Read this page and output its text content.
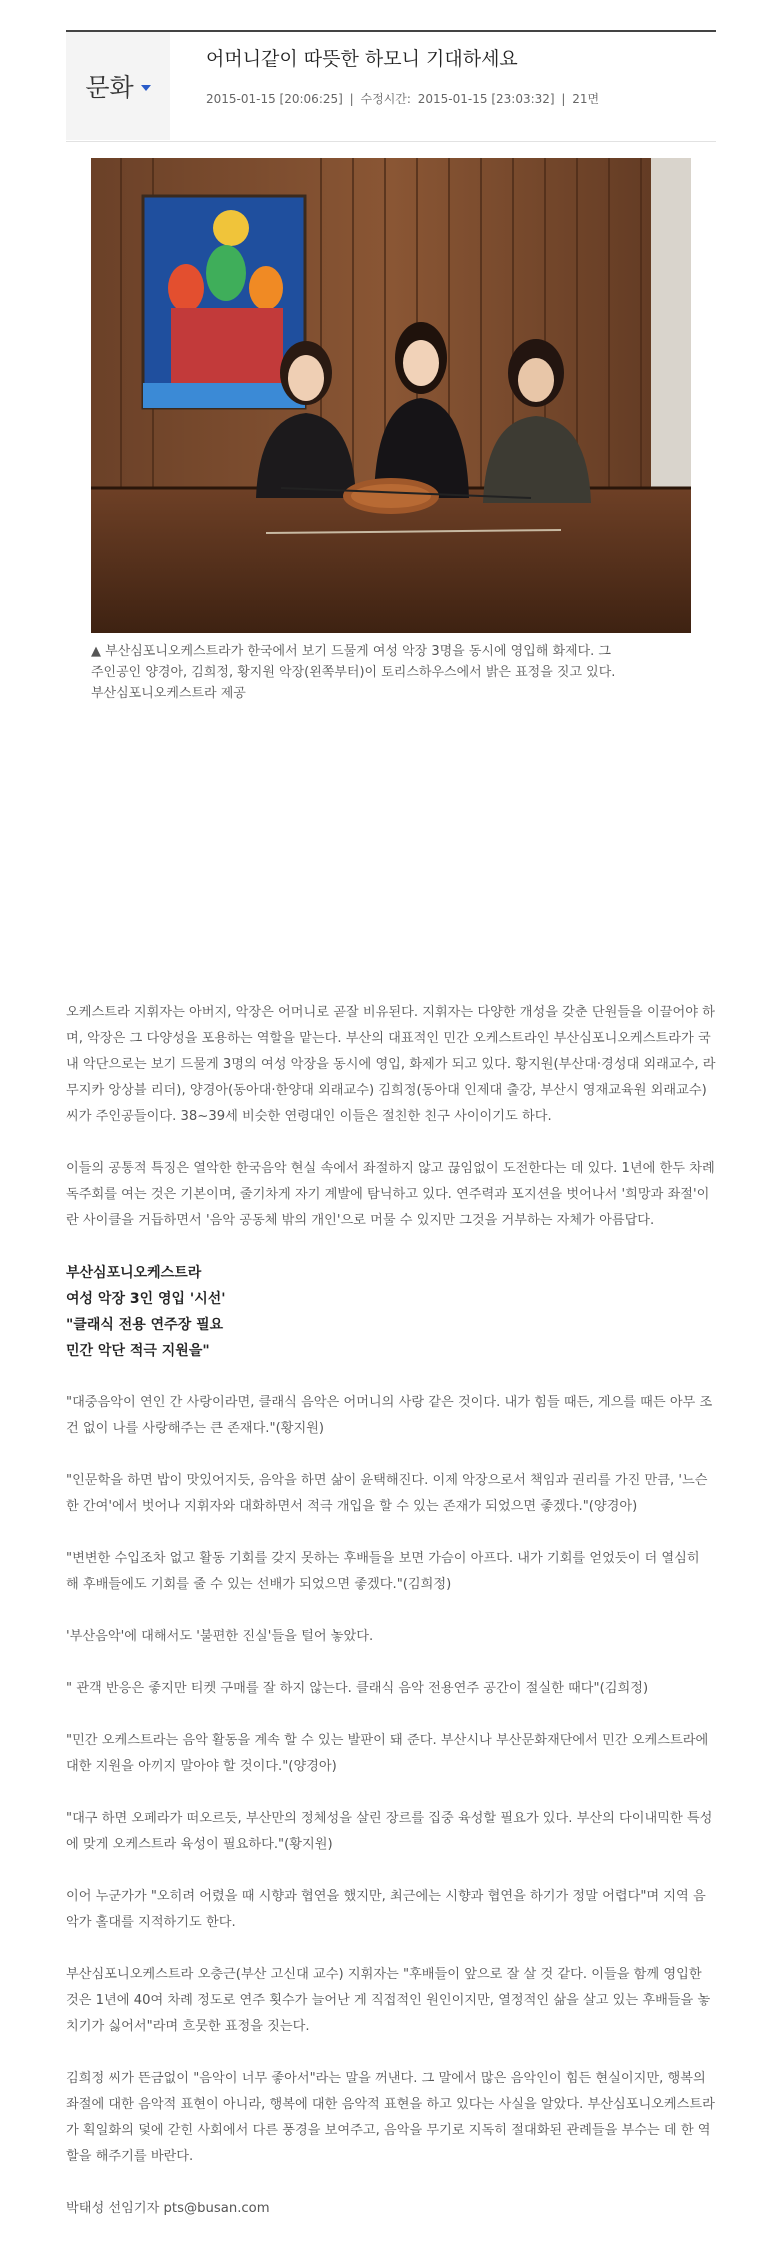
문화
어머니같이 따뜻한 하모니 기대하세요
2015-01-15 [20:06:25] | 수정시간: 2015-01-15 [23:03:32] | 21면
▲ 부산심포니오케스트라가 한국에서 보기 드물게 여성 악장 3명을 동시에 영입해 화제다. 그
주인공인 양경아, 김희정, 황지원 악장(왼쪽부터)이 토리스하우스에서 밝은 표정을 짓고 있다.
부산심포니오케스트라 제공

오케스트라 지휘자는 아버지, 악장은 어머니로 곧잘 비유된다. 지휘자는 다양한 개성을 갖춘 단원들을 이끌어야 하며, 악장은 그 다양성을 포용하는 역할을 맡는다. 부산의 대표적인 민간 오케스트라인 부산심포니오케스트라가 국내 악단으로는 보기 드물게 3명의 여성 악장을 동시에 영입, 화제가 되고 있다. 황지원(부산대·경성대 외래교수, 라 무지카 앙상블 리더), 양경아(동아대·한양대 외래교수) 김희정(동아대 인제대 출강, 부산시 영재교육원 외래교수) 씨가 주인공들이다. 38~39세 비슷한 연령대인 이들은 절친한 친구 사이이기도 하다.

이들의 공통적 특징은 열악한 한국음악 현실 속에서 좌절하지 않고 끊임없이 도전한다는 데 있다. 1년에 한두 차례 독주회를 여는 것은 기본이며, 줄기차게 자기 계발에 탐닉하고 있다. 연주력과 포지션을 벗어나서 '희망과 좌절'이란 사이클을 거듭하면서 '음악 공동체 밖의 개인'으로 머물 수 있지만 그것을 거부하는 자체가 아름답다.

부산심포니오케스트라
여성 악장 3인 영입 '시선'
"클래식 전용 연주장 필요
민간 악단 적극 지원을"

"대중음악이 연인 간 사랑이라면, 클래식 음악은 어머니의 사랑 같은 것이다. 내가 힘들 때든, 게으를 때든 아무 조건 없이 나를 사랑해주는 큰 존재다."(황지원)

"인문학을 하면 밥이 맛있어지듯, 음악을 하면 삶이 윤택해진다. 이제 악장으로서 책임과 권리를 가진 만큼, '느슨한 간여'에서 벗어나 지휘자와 대화하면서 적극 개입을 할 수 있는 존재가 되었으면 좋겠다."(양경아)

"변변한 수입조차 없고 활동 기회를 갖지 못하는 후배들을 보면 가슴이 아프다. 내가 기회를 얻었듯이 더 열심히 해 후배들에도 기회를 줄 수 있는 선배가 되었으면 좋겠다."(김희정)

'부산음악'에 대해서도 '불편한 진실'들을 털어 놓았다.

" 관객 반응은 좋지만 티켓 구매를 잘 하지 않는다. 클래식 음악 전용연주 공간이 절실한 때다"(김희정)

"민간 오케스트라는 음악 활동을 계속 할 수 있는 발판이 돼 준다. 부산시나 부산문화재단에서 민간 오케스트라에 대한 지원을 아끼지 말아야 할 것이다."(양경아)

"대구 하면 오페라가 떠오르듯, 부산만의 정체성을 살린 장르를 집중 육성할 필요가 있다. 부산의 다이내믹한 특성에 맞게 오케스트라 육성이 필요하다."(황지원)

이어 누군가가 "오히려 어렸을 때 시향과 협연을 했지만, 최근에는 시향과 협연을 하기가 정말 어렵다"며 지역 음악가 홀대를 지적하기도 한다.

부산심포니오케스트라 오충근(부산 고신대 교수) 지휘자는 "후배들이 앞으로 잘 살 것 같다. 이들을 함께 영입한 것은 1년에 40여 차례 정도로 연주 횟수가 늘어난 게 직접적인 원인이지만, 열정적인 삶을 살고 있는 후배들을 놓치기가 싫어서"라며 흐뭇한 표정을 짓는다.

김희정 씨가 뜬금없이 "음악이 너무 좋아서"라는 말을 꺼낸다. 그 말에서 많은 음악인이 힘든 현실이지만, 행복의 좌절에 대한 음악적 표현이 아니라, 행복에 대한 음악적 표현을 하고 있다는 사실을 알았다. 부산심포니오케스트라가 획일화의 덫에 갇힌 사회에서 다른 풍경을 보여주고, 음악을 무기로 지독히 절대화된 관례들을 부수는 데 한 역할을 해주기를 바란다.

박태성 선임기자 pts@busan.com
